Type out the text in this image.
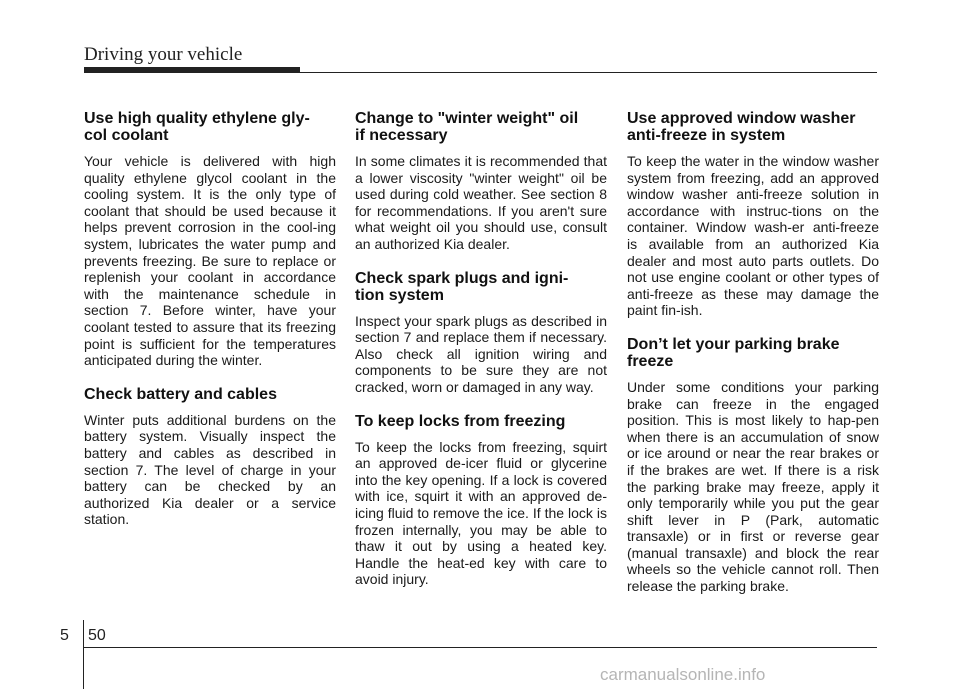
Driving your vehicle
Use high quality ethylene gly-
col coolant

Your vehicle is delivered with high quality ethylene glycol coolant in the cooling system. It is the only type of coolant that should be used because it helps prevent corrosion in the cool-ing system, lubricates the water pump and prevents freezing. Be sure to replace or replenish your coolant in accordance with the maintenance schedule in section 7. Before winter, have your coolant tested to assure that its freezing point is sufficient for the temperatures anticipated during the winter.

Check battery and cables

Winter puts additional burdens on the battery system. Visually inspect the battery and cables as described in section 7. The level of charge in your battery can be checked by an authorized Kia dealer or a service station.

Change to "winter weight" oil
if necessary

In some climates it is recommended that a lower viscosity "winter weight" oil be used during cold weather. See section 8 for recommendations. If you aren't sure what weight oil you should use, consult an authorized Kia dealer.

Check spark plugs and igni-
tion system

Inspect your spark plugs as described in section 7 and replace them if necessary. Also check all ignition wiring and components to be sure they are not cracked, worn or damaged in any way.

To keep locks from freezing

To keep the locks from freezing, squirt an approved de-icer fluid or glycerine into the key opening. If a lock is covered with ice, squirt it with an approved de-icing fluid to remove the ice. If the lock is frozen internally, you may be able to thaw it out by using a heated key. Handle the heat-ed key with care to avoid injury.

Use approved window washer
anti-freeze in system

To keep the water in the window washer system from freezing, add an approved window washer anti-freeze solution in accordance with instruc-tions on the container. Window wash-er anti-freeze is available from an authorized Kia dealer and most auto parts outlets. Do not use engine coolant or other types of anti-freeze as these may damage the paint fin-ish.

Don’t let your parking brake
freeze

Under some conditions your parking brake can freeze in the engaged position. This is most likely to hap-pen when there is an accumulation of snow or ice around or near the rear brakes or if the brakes are wet. If there is a risk the parking brake may freeze, apply it only temporarily while you put the gear shift lever in P (Park, automatic transaxle) or in first or reverse gear (manual transaxle) and block the rear wheels so the vehicle cannot roll. Then release the parking brake.

5 50
carmanualsonline.info
